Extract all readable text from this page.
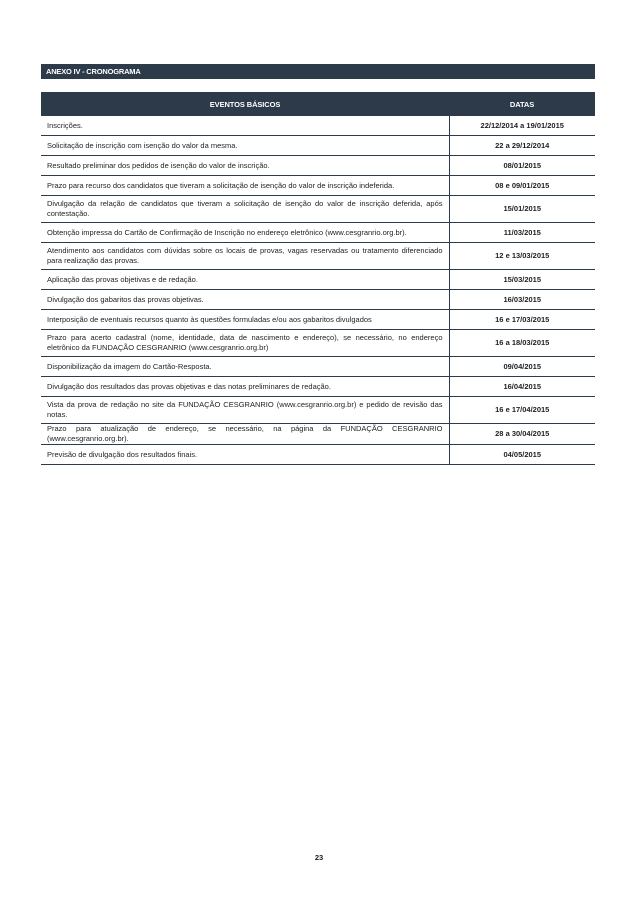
ANEXO IV - CRONOGRAMA
EVENTOS BÁSICOS	DATAS
Inscrições.	22/12/2014 a 19/01/2015
Solicitação de inscrição com isenção do valor da mesma.	22 a 29/12/2014
Resultado preliminar dos pedidos de isenção do valor de inscrição.	08/01/2015
Prazo para recurso dos candidatos que tiveram a solicitação de isenção do valor de inscrição indeferida.	08 e 09/01/2015
Divulgação da relação de candidatos que tiveram a solicitação de isenção do valor de inscrição deferida, após contestação.	15/01/2015
Obtenção impressa do Cartão de Confirmação de Inscrição no endereço eletrônico (www.cesgranrio.org.br).	11/03/2015
Atendimento aos candidatos com dúvidas sobre os locais de provas, vagas reservadas ou tratamento diferenciado para realização das provas.	12 e 13/03/2015
Aplicação das provas objetivas e de redação.	15/03/2015
Divulgação dos gabaritos das provas objetivas.	16/03/2015
Interposição de eventuais recursos quanto às questões formuladas e/ou aos gabaritos divulgados	16 e 17/03/2015
Prazo para acerto cadastral (nome, identidade, data de nascimento e endereço), se necessário, no endereço eletrônico da FUNDAÇÃO CESGRANRIO (www.cesgranrio.org.br)	16 a 18/03/2015
Disponibilização da imagem do Cartão-Resposta.	09/04/2015
Divulgação dos resultados das provas objetivas e das notas preliminares de redação.	16/04/2015
Vista da prova de redação no site da FUNDAÇÃO CESGRANRIO (www.cesgranrio.org.br) e pedido de revisão das notas.	16 e 17/04/2015
Prazo para atualização de endereço, se necessário, na página da FUNDAÇÃO CESGRANRIO (www.cesgranrio.org.br).	28 a 30/04/2015
Previsão de divulgação dos resultados finais.	04/05/2015
23
